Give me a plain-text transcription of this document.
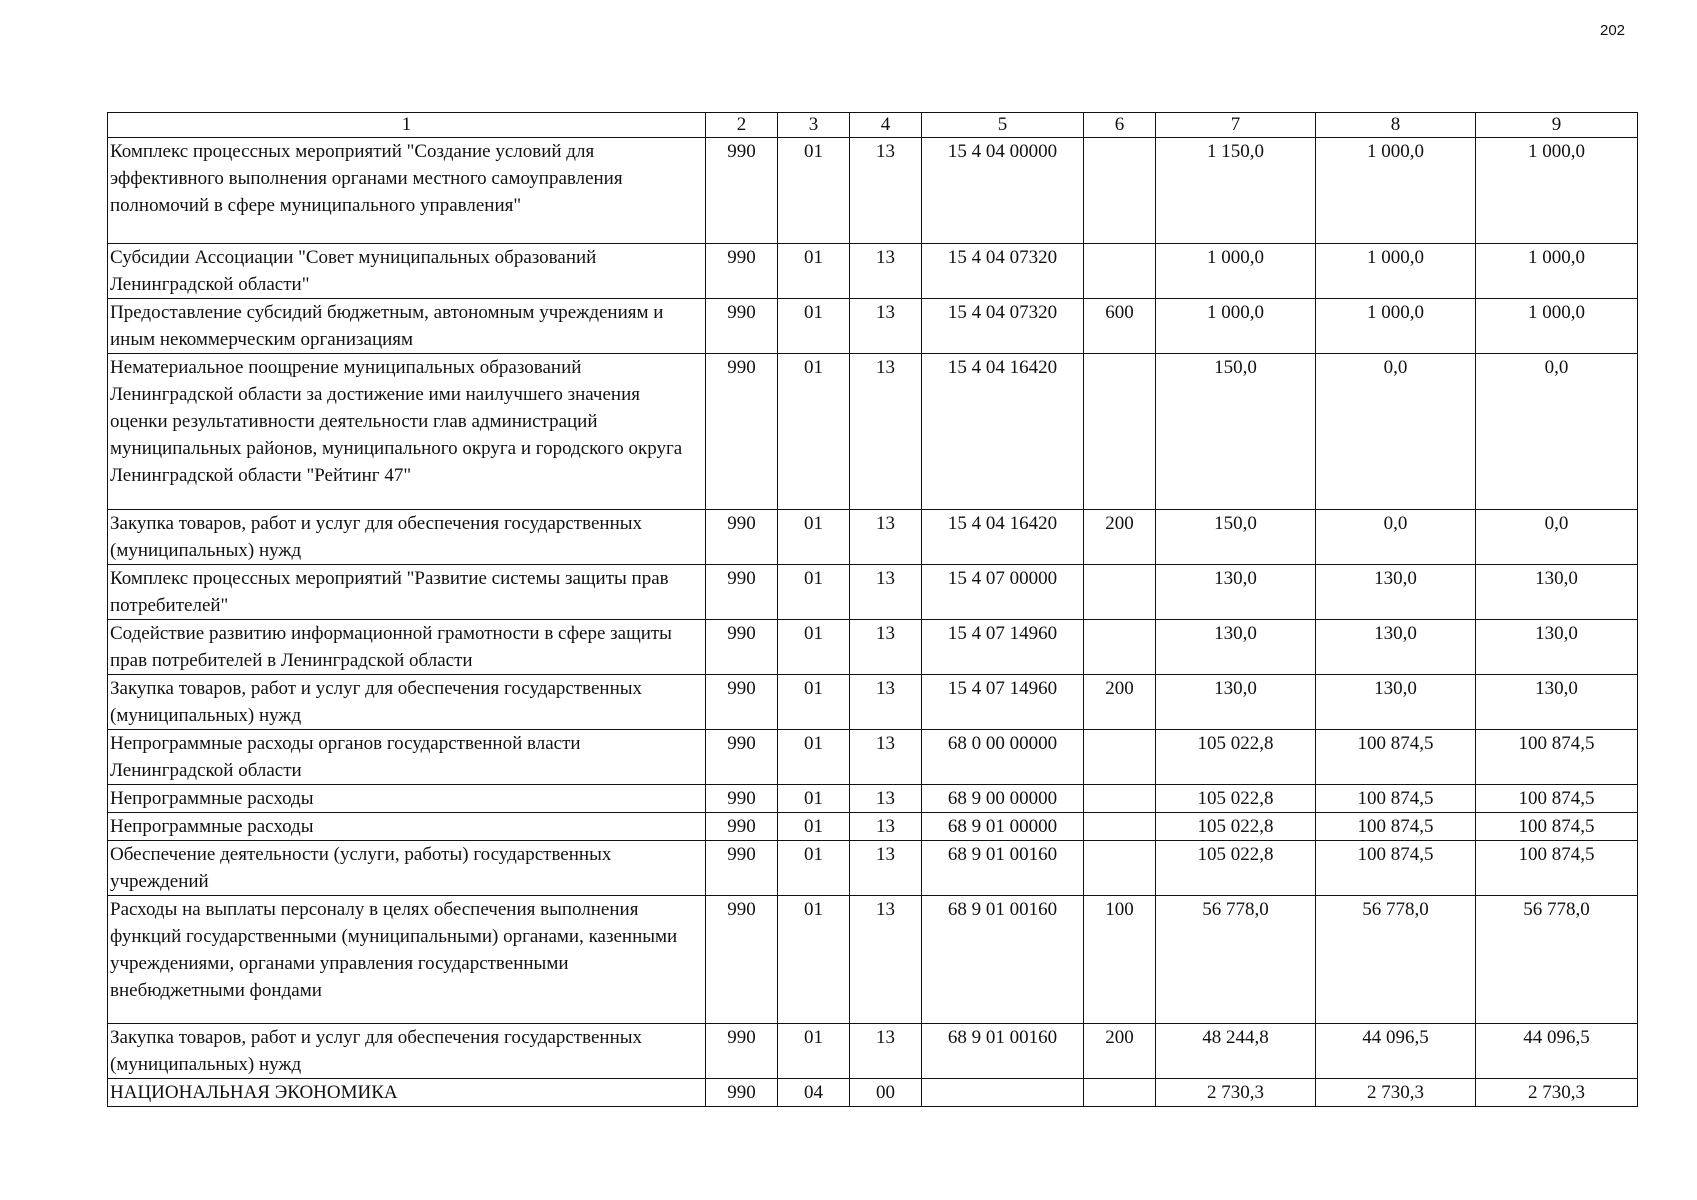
202
1	2	3	4	5	6	7	8	9
Комплекс процессных мероприятий "Создание условий для эффективного выполнения органами местного самоуправления полномочий в сфере муниципального управления"	990	01	13	15 4 04 00000		1 150,0	1 000,0	1 000,0
Субсидии Ассоциации "Совет муниципальных образований Ленинградской области"	990	01	13	15 4 04 07320		1 000,0	1 000,0	1 000,0
Предоставление субсидий бюджетным, автономным учреждениям и иным некоммерческим организациям	990	01	13	15 4 04 07320	600	1 000,0	1 000,0	1 000,0
Нематериальное поощрение муниципальных образований Ленинградской области за достижение ими наилучшего значения оценки результативности деятельности глав администраций муниципальных районов, муниципального округа и городского округа Ленинградской области "Рейтинг 47"	990	01	13	15 4 04 16420		150,0	0,0	0,0
Закупка товаров, работ и услуг для обеспечения государственных (муниципальных) нужд	990	01	13	15 4 04 16420	200	150,0	0,0	0,0
Комплекс процессных мероприятий "Развитие системы защиты прав потребителей"	990	01	13	15 4 07 00000		130,0	130,0	130,0
Содействие развитию информационной грамотности в сфере защиты прав потребителей в Ленинградской области	990	01	13	15 4 07 14960		130,0	130,0	130,0
Закупка товаров, работ и услуг для обеспечения государственных (муниципальных) нужд	990	01	13	15 4 07 14960	200	130,0	130,0	130,0
Непрограммные расходы органов государственной власти Ленинградской области	990	01	13	68 0 00 00000		105 022,8	100 874,5	100 874,5
Непрограммные расходы	990	01	13	68 9 00 00000		105 022,8	100 874,5	100 874,5
Непрограммные расходы	990	01	13	68 9 01 00000		105 022,8	100 874,5	100 874,5
Обеспечение деятельности (услуги, работы) государственных учреждений	990	01	13	68 9 01 00160		105 022,8	100 874,5	100 874,5
Расходы на выплаты персоналу в целях обеспечения выполнения функций государственными (муниципальными) органами, казенными учреждениями, органами управления государственными внебюджетными фондами	990	01	13	68 9 01 00160	100	56 778,0	56 778,0	56 778,0
Закупка товаров, работ и услуг для обеспечения государственных (муниципальных) нужд	990	01	13	68 9 01 00160	200	48 244,8	44 096,5	44 096,5
НАЦИОНАЛЬНАЯ ЭКОНОМИКА	990	04	00			2 730,3	2 730,3	2 730,3
